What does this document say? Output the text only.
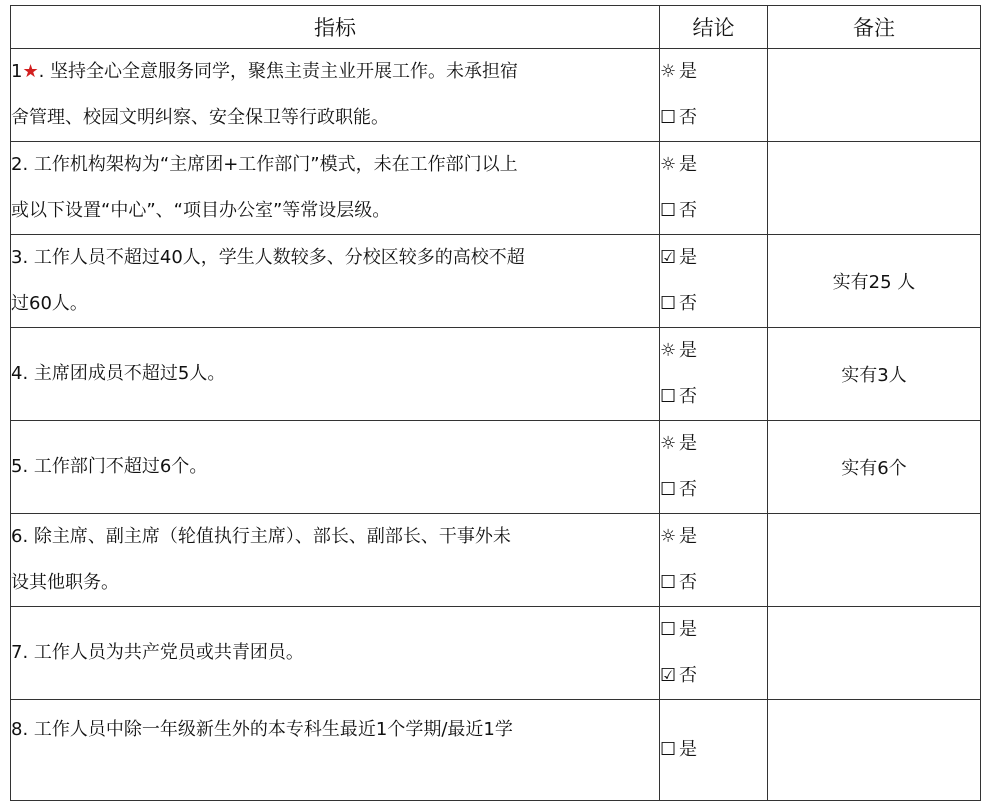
指标	结论	备注

1★. 坚持全心全意服务同学，聚焦主责主业开展工作。未承担宿
舍管理、校园文明纠察、安全保卫等行政职能。	☼ 是
☐ 否	

2. 工作机构架构为“主席团+工作部门”模式，未在工作部门以上
或以下设置“中心”、“项目办公室”等常设层级。	☼ 是
☐ 否	

3. 工作人员不超过40人，学生人数较多、分校区较多的高校不超
过60人。	☑ 是
☐ 否	实有25 人

4. 主席团成员不超过5人。	☼ 是
☐ 否	实有3人

5. 工作部门不超过6个。	☼ 是
☐ 否	实有6个

6. 除主席、副主席（轮值执行主席）、部长、副部长、干事外未
设其他职务。	☼ 是
☐ 否	

7. 工作人员为共产党员或共青团员。	☐ 是
☑ 否	

8. 工作人员中除一年级新生外的本专科生最近1个学期/最近1学	☐ 是	
